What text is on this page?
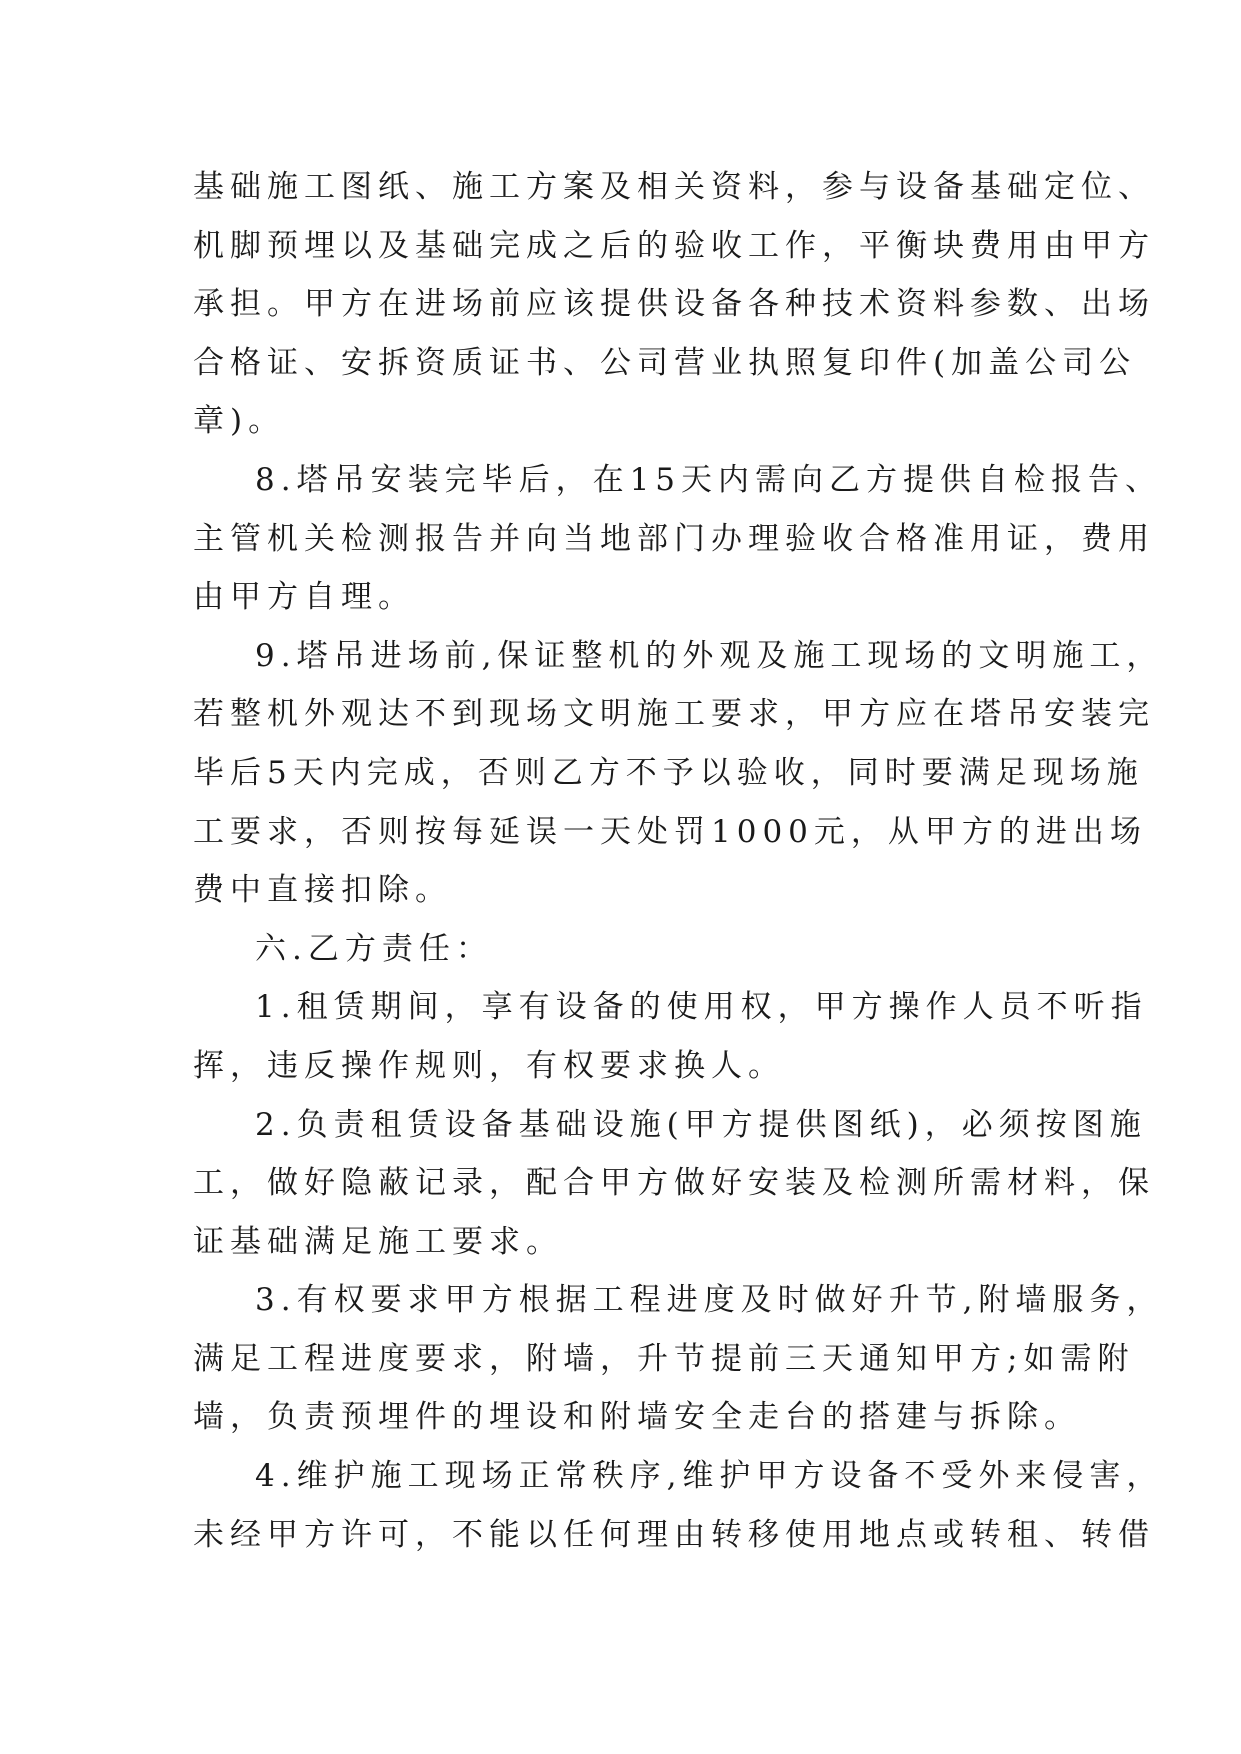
基础施工图纸、施工方案及相关资料，参与设备基础定位、
机脚预埋以及基础完成之后的验收工作，平衡块费用由甲方
承担。甲方在进场前应该提供设备各种技术资料参数、出场
合格证、安拆资质证书、公司营业执照复印件(加盖公司公
章)。
8.塔吊安装完毕后，在15天内需向乙方提供自检报告、
主管机关检测报告并向当地部门办理验收合格准用证，费用
由甲方自理。
9.塔吊进场前,保证整机的外观及施工现场的文明施工，
若整机外观达不到现场文明施工要求，甲方应在塔吊安装完
毕后5天内完成，否则乙方不予以验收，同时要满足现场施
工要求，否则按每延误一天处罚1000元，从甲方的进出场
费中直接扣除。
六.乙方责任：
1.租赁期间，享有设备的使用权，甲方操作人员不听指
挥，违反操作规则，有权要求换人。
2.负责租赁设备基础设施(甲方提供图纸)，必须按图施
工，做好隐蔽记录，配合甲方做好安装及检测所需材料，保
证基础满足施工要求。
3.有权要求甲方根据工程进度及时做好升节,附墙服务，
满足工程进度要求，附墙，升节提前三天通知甲方;如需附
墙，负责预埋件的埋设和附墙安全走台的搭建与拆除。
4.维护施工现场正常秩序,维护甲方设备不受外来侵害，
未经甲方许可，不能以任何理由转移使用地点或转租、转借
